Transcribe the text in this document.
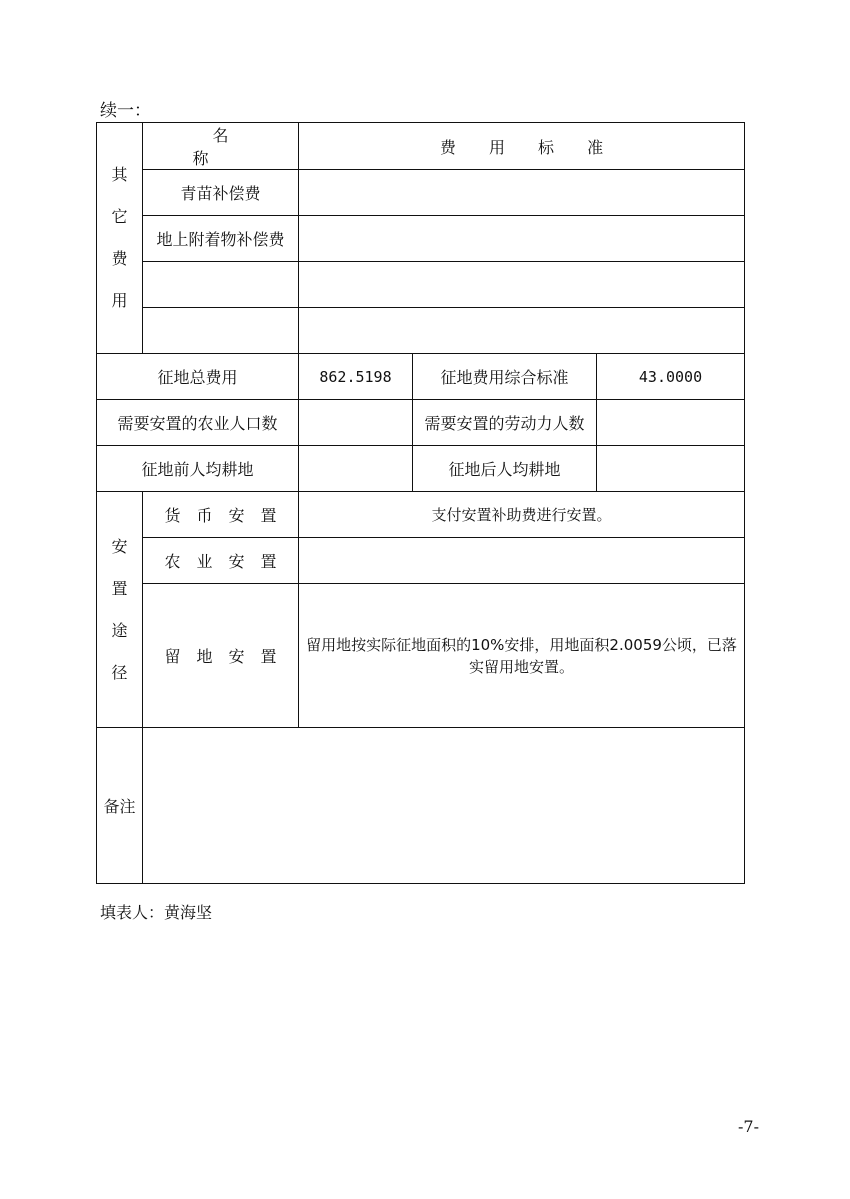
续一：
其
它
费
用	名 称	费 用 标 准		
	青苗补偿费			
	地上附着物补偿费			

征地总费用		862.5198	征地费用综合标准	43.0000
需要安置的农业人口数			需要安置的劳动力人数	
征地前人均耕地			征地后人均耕地	

安
置
途
径	货币安置	支付安置补助费进行安置。		
	农业安置			
	留地安置	留用地按实际征地面积的10%安排，用地面积2.0059公顷，已落实留用地安置。		
备注				
填表人：黄海坚
-7-
